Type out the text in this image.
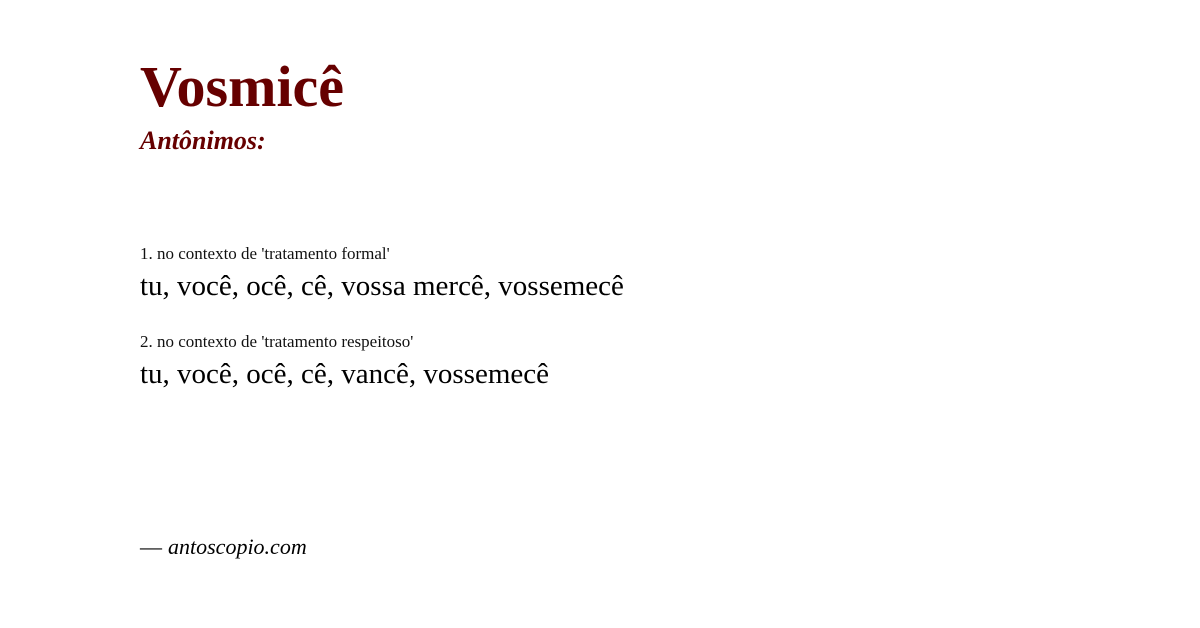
Vosmicê
Antônimos:
1. no contexto de 'tratamento formal'
tu, você, ocê, cê, vossa mercê, vossemecê
2. no contexto de 'tratamento respeitoso'
tu, você, ocê, cê, vancê, vossemecê
— antoscopio.com
